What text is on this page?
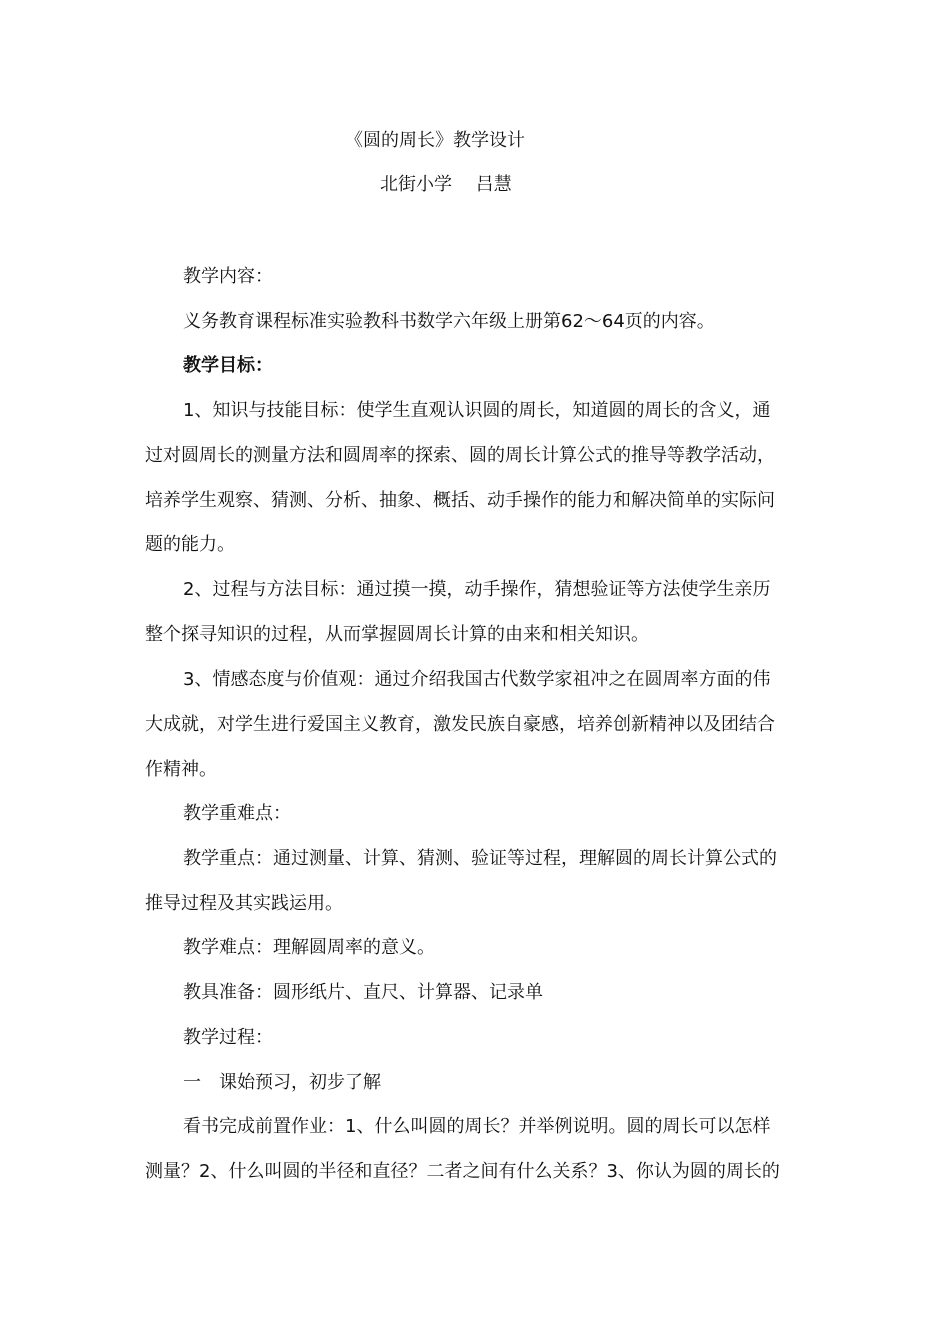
《圆的周长》教学设计
北街小学　 吕慧
教学内容：
义务教育课程标准实验教科书数学六年级上册第62～64页的内容。
教学目标：
1、知识与技能目标：使学生直观认识圆的周长，知道圆的周长的含义，通
过对圆周长的测量方法和圆周率的探索、圆的周长计算公式的推导等教学活动，
培养学生观察、猜测、分析、抽象、概括、动手操作的能力和解决简单的实际问
题的能力。
2、过程与方法目标：通过摸一摸，动手操作，猜想验证等方法使学生亲历
整个探寻知识的过程，从而掌握圆周长计算的由来和相关知识。
3、情感态度与价值观：通过介绍我国古代数学家祖冲之在圆周率方面的伟
大成就，对学生进行爱国主义教育，激发民族自豪感，培养创新精神以及团结合
作精神。
教学重难点：
教学重点：通过测量、计算、猜测、验证等过程，理解圆的周长计算公式的
推导过程及其实践运用。
教学难点：理解圆周率的意义。
教具准备：圆形纸片、直尺、计算器、记录单
教学过程：
一　课始预习，初步了解
看书完成前置作业：1、什么叫圆的周长？并举例说明。圆的周长可以怎样
测量？2、什么叫圆的半径和直径？二者之间有什么关系？3、你认为圆的周长的
